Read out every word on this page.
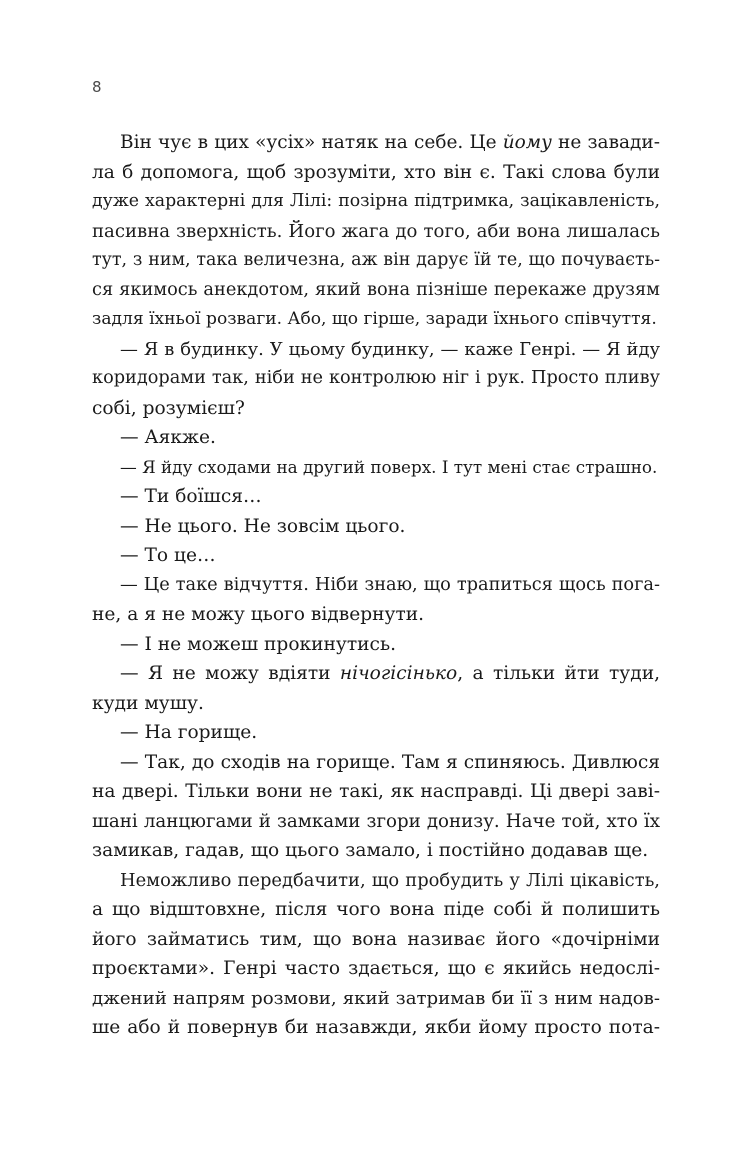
8
Він чує в цих «усіх» натяк на себе. Це йому не завади-
ла б допомога, щоб зрозуміти, хто він є. Такі слова були
дуже характерні для Лілі: позірна підтримка, зацікавленість,
пасивна зверхність. Його жага до того, аби вона лишалась
тут, з ним, така величезна, аж він дарує їй те, що почуваєть-
ся якимось анекдотом, який вона пізніше перекаже друзям
задля їхньої розваги. Або, що гірше, заради їхнього співчуття.
— Я в будинку. У цьому будинку, — каже Генрі. — Я йду
коридорами так, ніби не контролюю ніг і рук. Просто пливу
собі, розумієш?
— Аякже.
— Я йду сходами на другий поверх. І тут мені стає страшно.
— Ти боїшся…
— Не цього. Не зовсім цього.
— То це…
— Це таке відчуття. Ніби знаю, що трапиться щось пога-
не, а я не можу цього відвернути.
— І не можеш прокинутись.
— Я не можу вдіяти нічогісінько, а тільки йти туди,
куди мушу.
— На горище.
— Так, до сходів на горище. Там я спиняюсь. Дивлюся
на двері. Тільки вони не такі, як насправді. Ці двері заві-
шані ланцюгами й замками згори донизу. Наче той, хто їх
замикав, гадав, що цього замало, і постійно додавав ще.
Неможливо передбачити, що пробудить у Лілі цікавість,
а що відштовхне, після чого вона піде собі й полишить
його займатись тим, що вона називає його «дочірніми
проєктами». Генрі часто здається, що є якийсь недослі-
джений напрям розмови, який затримав би її з ним надов-
ше або й повернув би назавжди, якби йому просто пота-
